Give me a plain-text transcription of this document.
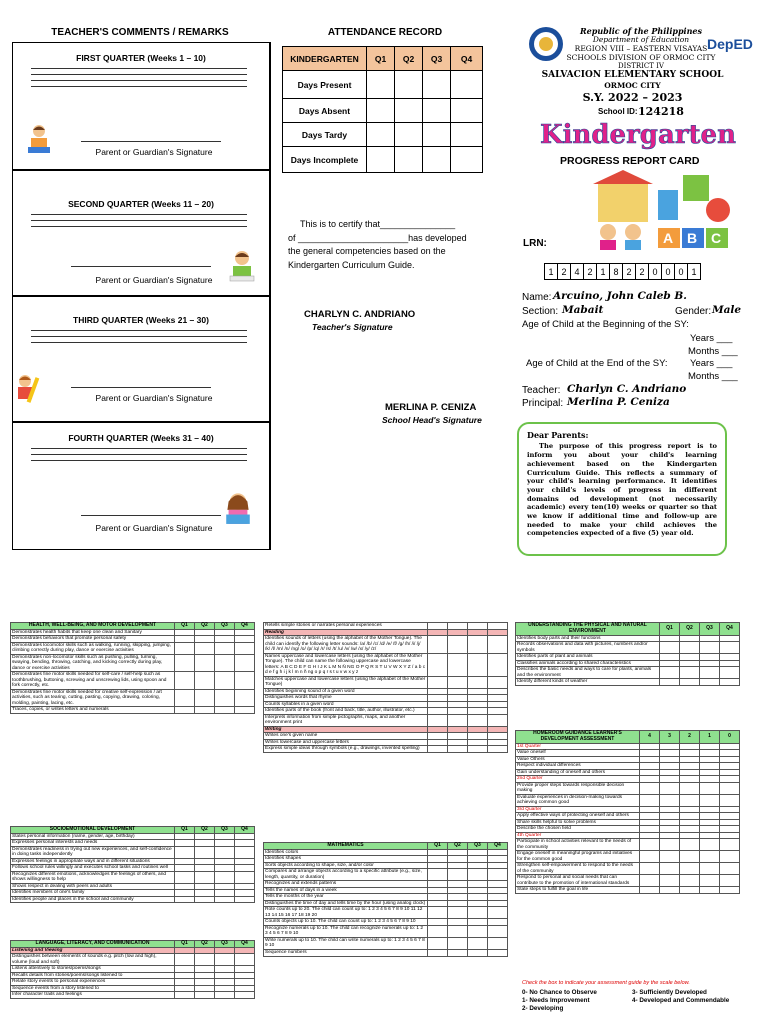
TEACHER'S COMMENTS / REMARKS
FIRST QUARTER (Weeks 1 – 10)
Parent or Guardian's Signature
SECOND QUARTER (Weeks 11 – 20)
Parent or Guardian's Signature
THIRD QUARTER (Weeks 21 – 30)
Parent or Guardian's Signature
FOURTH QUARTER (Weeks 31 – 40)
Parent or Guardian's Signature
ATTENDANCE RECORD
KINDERGARTEN	Q1	Q2	Q3	Q4
Days Present				
Days Absent				
Days Tardy				
Days Incomplete				
This is to certify that_______________
of ______________________has developed
the general competencies based on the
Kindergarten Curriculum Guide.
CHARLYN C. ANDRIANO
Teacher's Signature
MERLINA P. CENIZA
School Head's Signature
Republic of the Philippines
Department of Education
REGION VIII – EASTERN VISAYAS
SCHOOLS DIVISION OF ORMOC CITY
DISTRICT IV
DepED
SALVACION ELEMENTARY SCHOOL
ORMOC CITY
S.Y. 2022 – 2023
School ID: 124218
Kindergarten
PROGRESS REPORT CARD
A B C
LRN:
1 2 4 2 1 8 2 2 0 0 0 1
Name: Arcuino, John Caleb B.
Section: Mabait	Gender: Male
Age of Child at the Beginning of the SY:
Years ___
Months ___
Age of Child at the End of the SY: Years ___
Months ___
Teacher: Charlyn C. Andriano
Principal: Merlina P. Ceniza
Dear Parents:
The purpose of this progress report is to inform you about your child's learning achievement based on the Kindergarten Curriculum Guide. This reflects a summary of your child's learning performance. It identifies your child's levels of progress in different domains od development (not necessarily academic) every ten(10) weeks or quarter so that we know if additional time and follow-up are needed to make your child achieves the competencies expected of a five (5) year old.
HEALTH, WELL-BEING, AND MOTOR DEVELOPMENT	Q1	Q2	Q3	Q4
Demonstrates health habits that keep one clean and Sanitary				
Demonstrates behaviors that promote personal safety				
Demonstrates locomotor skills such as walking, running, skipping, jumping, climbing correctly during play, dance or exercise activities				
Demonstrates non-locomotor skills such as pushing, pulling, turning, swaying, bending, throwing, catching, and kicking correctly during play, dance or exercise activities				
Demonstrates fine motor skills needed for self-care / self-help such as toothbrushing, buttoning, screwing and unscrewing lids, using spoon and fork correctly, etc.				
Demonstrates fine motor skills needed for creative self-expression / art activities, such as tearing, cutting, pasting, copying, drawing, coloring, molding, painting, lacing, etc.				
Traces, copies, or writes letters and numerals				
SOCIOEMOTIONAL DEVELOPMENT	Q1	Q2	Q3	Q4
States personal information (name, gender, age, birthday)				
Expresses personal interests and needs				
Demonstrates readiness in trying out new experiences, and self-confidence in doing tasks independently				
Expresses feelings in appropriate ways and in different situations				
Follows school rules willingly and executes school tasks and routines well				
Recognizes different emotions, acknowledges the feelings of others, and shows willingness to help				
Shows respect in dealing with peers and adults				
Identifies members of one's family				
Identifies people and places in the school and community				
LANGUAGE, LITERACY, AND COMMUNICATION	Q1	Q2	Q3	Q4
Listening and Viewing				
Distinguishes between elements of sounds e.g. pitch (low and high), volume (loud and soft)				
Listens attentively to stories/poems/songs				
Recalls details from stories/poems/songs listened to				
Relate story events to personal experiences				
Sequence events from a story listened to				
Infer character traits and feelings				
Retells simple stories or narrates personal experiences				
Reading				
Identifies sounds of letters (using the alphabet of the Mother Tongue). The child can identify the following letter sounds: /a/ /b/ /c/ /d/ /e/ /f/ /g/ /h/ /i/ /j/ /k/ /l/ /m/ /n/ /ng/ /o/ /p/ /q/ /r/ /s/ /t/ /u/ /v/ /w/ /x/ /y/ /z/				
Names uppercase and lowercase letters (using the alphabet of the Mother Tongue). The child can name the following uppercase and lowercase letters: A B C D E F G H I J K L M N Ñ NG O P Q R S T U V W X Y Z / a b c d e f g h i j k l m n ñ ng o p q r s t u v w x y z				
Matches uppercase and lowercase letters (using the alphabet of the Mother Tongue)				
Identifies beginning sound of a given word				
Distinguishes words that rhyme				
Counts syllables in a given word				
Identifies parts of the book (front and back, title, author, illustrator, etc.)				
Interprets information from simple pictographs, maps, and another environment print				
Writing				
Writes one's given name				
Writes lowercase and uppercase letters				
Express simple ideas through symbols (e.g., drawings, invented spelling)				
MATHEMATICS	Q1	Q2	Q3	Q4
Identifies colors				
Identifies shapes				
Sorts objects according to shape, size, and/or color				
Compares and arrange objects according to a specific attribute (e.g., size, length, quantity, or duration)				
Recognizes and extends patterns				
Tells the names of days in a week				
Tells the months of the year				
Distinguishes the time of day and tells time by the hour (using analog clock)				
Rote counts up to 20. The child can count up to: 1 2 3 4 5 6 7 8 9 10 11 12 13 14 15 16 17 18 19 20				
Counts objects up to 10. The child can count up to: 1 2 3 4 5 6 7 8 9 10				
Recognize numerals up to 10. The child can recognize numerals up to: 1 2 3 4 5 6 7 8 9 10				
Write numerals up to 10. The child can write numerals up to: 1 2 3 4 5 6 7 8 9 10				
Sequence numbers				
UNDERSTANDING THE PHYSICAL AND NATURAL ENVIRONMENT	Q1	Q2	Q3	Q4
Identifies body parts and their functions				
Records observations and data with pictures, numbers and/or symbols				
Identifies parts of plant and animals				
Classifies animals according to shared characteristics				
Describes the basic needs and ways to care for plants, animals and the environment				
Identify different kinds of weather				
HOMEROOM GUIDANCE LEARNER'S DEVELOPMENT ASSESSMENT	4	3	2	1	0
1st Quarter					
Value oneself					
Value Others					
Respect individual differences					
Gain understanding of oneself and others					
2nd Quarter					
Provide proper steps towards responsible decision making					
Evaluate experiences in decision-making towards achieving common good					
3rd Quarter					
Apply effective ways of protecting oneself and others					
Share skills helpful to solve problems					
Describe the chosen field					
4th Quarter					
Participate in school activities relevant to the needs of the community					
Engage oneself in meaningful programs and initiatives for the common good					
Strengthen self-empowerment to respond to the needs of the community					
Respond to personal and social needs that can contribute to the promotion of international standards					
State steps to fulfill the goal in life					
Check the box to indicate your assessment guide by the scale below.
0- No Chance to Observe	3- Sufficiently Developed
1- Needs Improvement	4- Developed and Commendable
2- Developing
